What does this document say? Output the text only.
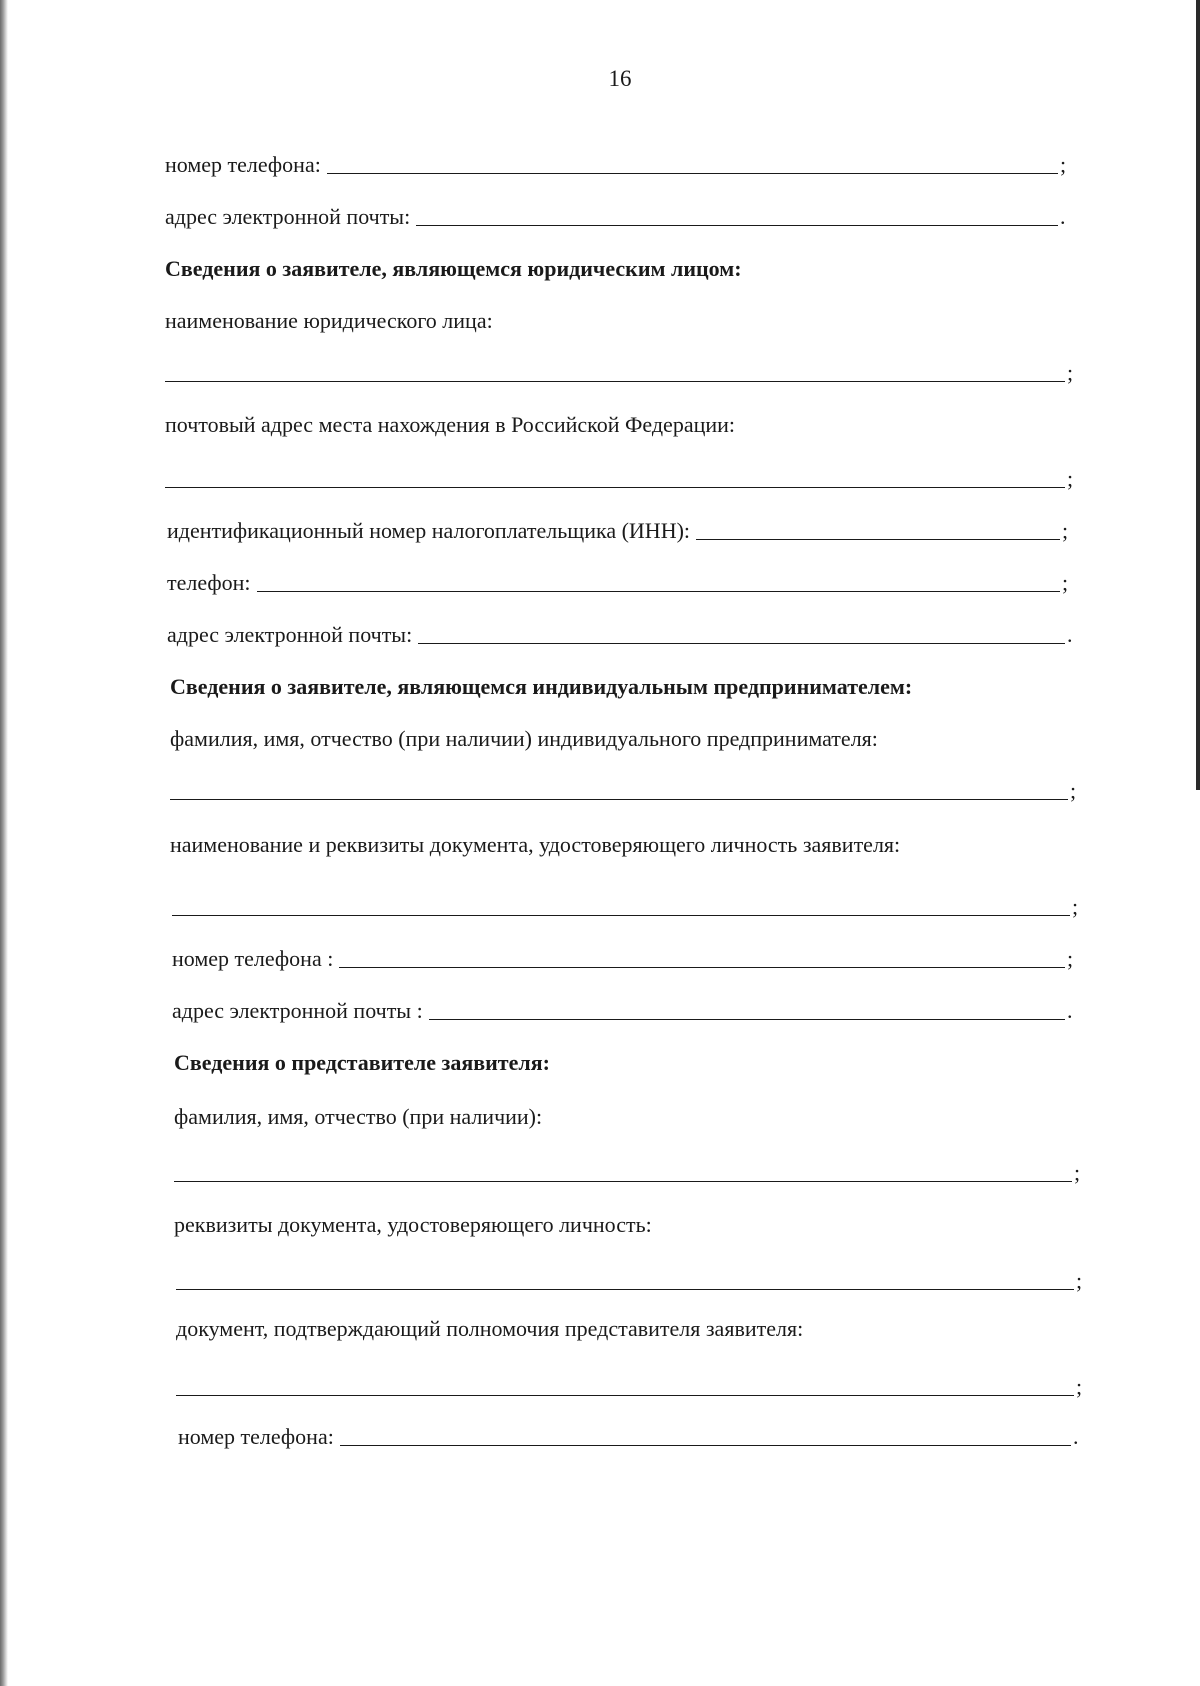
16
номер телефона:	;
адрес электронной почты:	.
Сведения о заявителе, являющемся юридическим лицом:
наименование юридического лица:
;
почтовый адрес места нахождения в Российской Федерации:
;
идентификационный номер налогоплательщика (ИНН):	;
телефон:	;
адрес электронной почты:	.
Сведения о заявителе, являющемся индивидуальным предпринимателем:
фамилия, имя, отчество (при наличии) индивидуального предпринимателя:
;
наименование и реквизиты документа, удостоверяющего личность заявителя:
;
номер телефона :	;
адрес электронной почты :	.
Сведения о представителе заявителя:
фамилия, имя, отчество (при наличии):
;
реквизиты документа, удостоверяющего личность:
;
документ, подтверждающий полномочия представителя заявителя:
;
номер телефона:	.
